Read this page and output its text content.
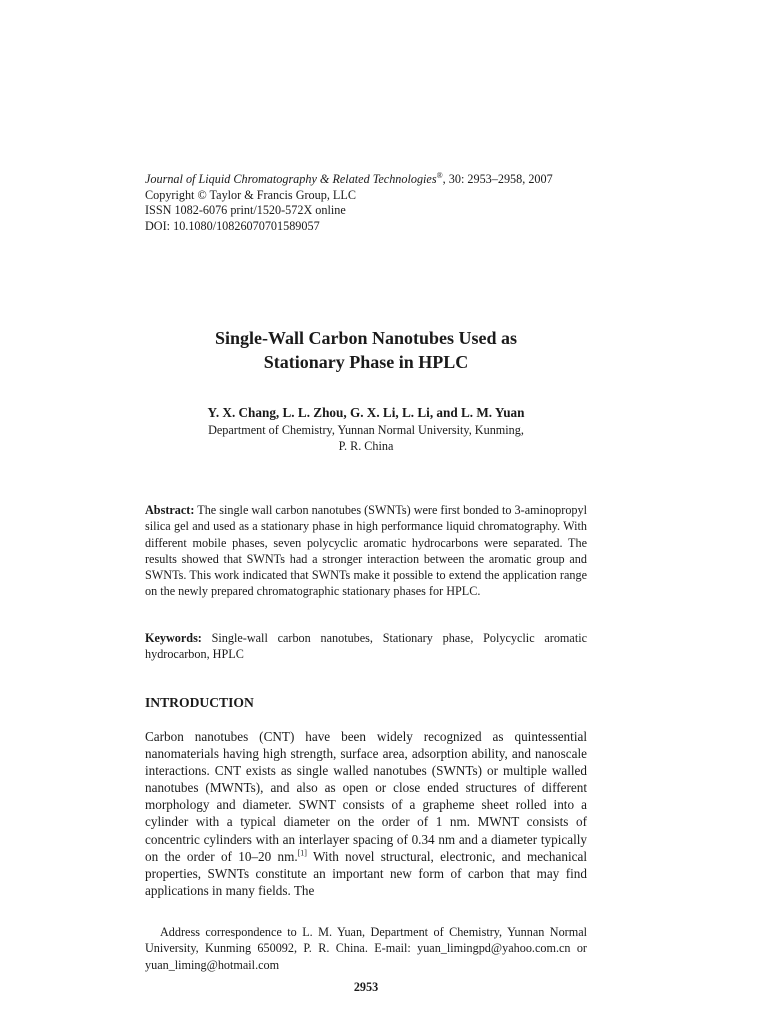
Journal of Liquid Chromatography & Related Technologies®, 30: 2953–2958, 2007
Copyright © Taylor & Francis Group, LLC
ISSN 1082-6076 print/1520-572X online
DOI: 10.1080/10826070701589057
Single-Wall Carbon Nanotubes Used as
Stationary Phase in HPLC
Y. X. Chang, L. L. Zhou, G. X. Li, L. Li, and L. M. Yuan
Department of Chemistry, Yunnan Normal University, Kunming,
P. R. China
Abstract: The single wall carbon nanotubes (SWNTs) were first bonded to 3-aminopropyl silica gel and used as a stationary phase in high performance liquid chromatography. With different mobile phases, seven polycyclic aromatic hydrocarbons were separated. The results showed that SWNTs had a stronger interaction between the aromatic group and SWNTs. This work indicated that SWNTs make it possible to extend the application range on the newly prepared chromatographic stationary phases for HPLC.
Keywords: Single-wall carbon nanotubes, Stationary phase, Polycyclic aromatic hydrocarbon, HPLC
INTRODUCTION
Carbon nanotubes (CNT) have been widely recognized as quintessential nanomaterials having high strength, surface area, adsorption ability, and nanoscale interactions. CNT exists as single walled nanotubes (SWNTs) or multiple walled nanotubes (MWNTs), and also as open or close ended structures of different morphology and diameter. SWNT consists of a grapheme sheet rolled into a cylinder with a typical diameter on the order of 1 nm. MWNT consists of concentric cylinders with an interlayer spacing of 0.34 nm and a diameter typically on the order of 10–20 nm.[1] With novel structural, electronic, and mechanical properties, SWNTs constitute an important new form of carbon that may find applications in many fields. The
Address correspondence to L. M. Yuan, Department of Chemistry, Yunnan Normal University, Kunming 650092, P. R. China. E-mail: yuan_limingpd@yahoo.com.cn or yuan_liming@hotmail.com
2953
